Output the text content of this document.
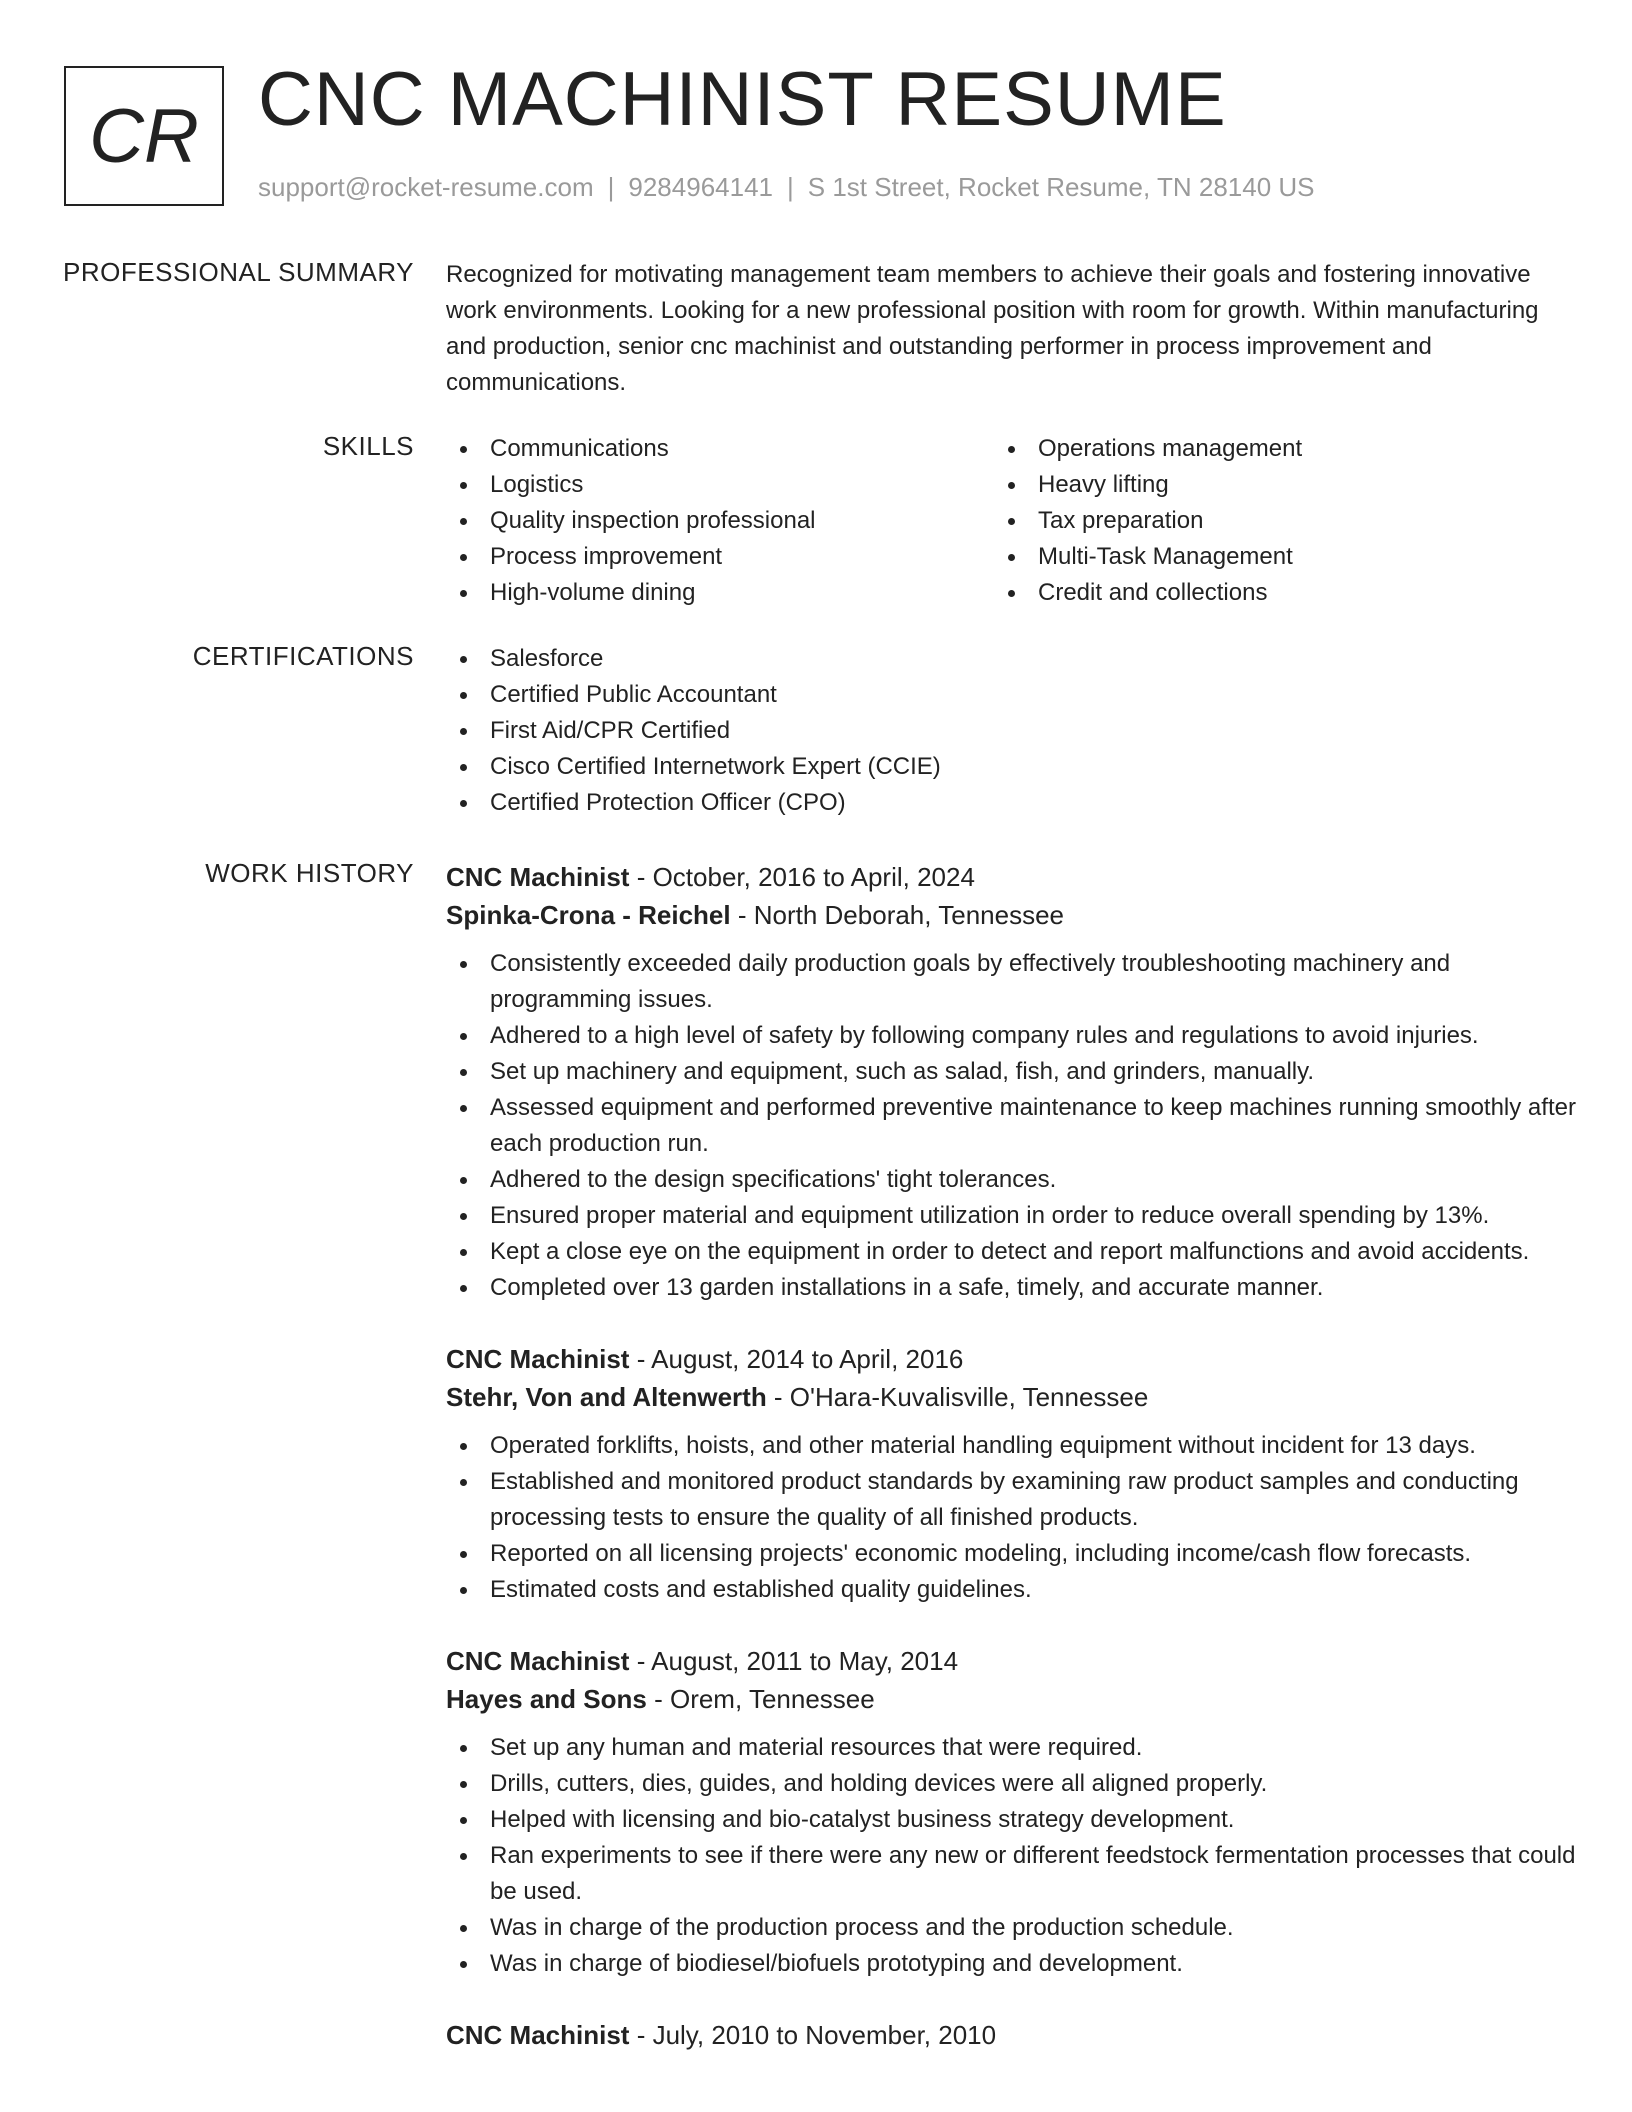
CR CNC MACHINIST RESUME
support@rocket-resume.com | 9284964141 | S 1st Street, Rocket Resume, TN 28140 US
PROFESSIONAL SUMMARY Recognized for motivating management team members to achieve their goals and fostering innovative work environments. Looking for a new professional position with room for growth. Within manufacturing and production, senior cnc machinist and outstanding performer in process improvement and communications.

SKILLS	Communications
Logistics
Quality inspection professional
Process improvement
High-volume dining
Operations management
Heavy lifting
Tax preparation
Multi-Task Management
Credit and collections
CERTIFICATIONS	Salesforce
Certified Public Accountant
First Aid/CPR Certified
Cisco Certified Internetwork Expert (CCIE)
Certified Protection Officer (CPO)
WORK HISTORY CNC Machinist - October, 2016 to April, 2024
Spinka-Crona - Reichel - North Deborah, Tennessee
Consistently exceeded daily production goals by effectively troubleshooting machinery and programming issues.
Adhered to a high level of safety by following company rules and regulations to avoid injuries.
Set up machinery and equipment, such as salad, fish, and grinders, manually.
Assessed equipment and performed preventive maintenance to keep machines running smoothly after each production run.
Adhered to the design specifications' tight tolerances.
Ensured proper material and equipment utilization in order to reduce overall spending by 13%.
Kept a close eye on the equipment in order to detect and report malfunctions and avoid accidents.
Completed over 13 garden installations in a safe, timely, and accurate manner.
CNC Machinist - August, 2014 to April, 2016
Stehr, Von and Altenwerth - O'Hara-Kuvalisville, Tennessee
Operated forklifts, hoists, and other material handling equipment without incident for 13 days.
Established and monitored product standards by examining raw product samples and conducting processing tests to ensure the quality of all finished products.
Reported on all licensing projects' economic modeling, including income/cash flow forecasts.
Estimated costs and established quality guidelines.
CNC Machinist - August, 2011 to May, 2014
Hayes and Sons - Orem, Tennessee
Set up any human and material resources that were required.
Drills, cutters, dies, guides, and holding devices were all aligned properly.
Helped with licensing and bio-catalyst business strategy development.
Ran experiments to see if there were any new or different feedstock fermentation processes that could be used.
Was in charge of the production process and the production schedule.
Was in charge of biodiesel/biofuels prototyping and development.
CNC Machinist - July, 2010 to November, 2010
